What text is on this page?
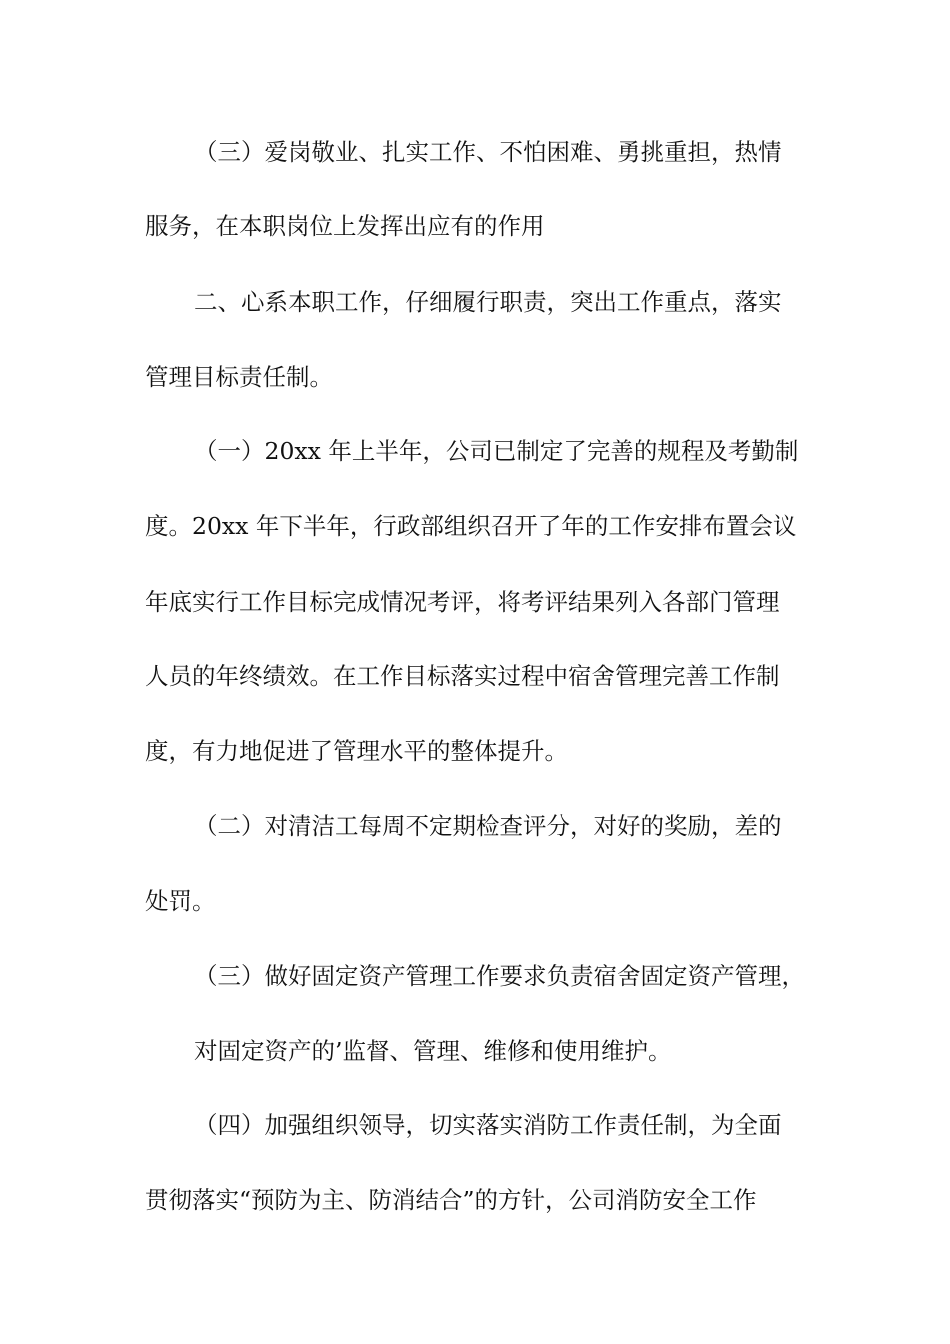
（三）爱岗敬业、扎实工作、不怕困难、勇挑重担，热情
服务，在本职岗位上发挥出应有的作用
二、心系本职工作，仔细履行职责，突出工作重点，落实
管理目标责任制。
（一）20xx 年上半年，公司已制定了完善的规程及考勤制
度。20xx 年下半年，行政部组织召开了年的工作安排布置会议
年底实行工作目标完成情况考评，将考评结果列入各部门管理
人员的年终绩效。在工作目标落实过程中宿舍管理完善工作制
度，有力地促进了管理水平的整体提升。
（二）对清洁工每周不定期检查评分，对好的奖励，差的
处罚。
（三）做好固定资产管理工作要求负责宿舍固定资产管理，
对固定资产的’监督、管理、维修和使用维护。
（四）加强组织领导，切实落实消防工作责任制，为全面
贯彻落实“预防为主、防消结合”的方针，公司消防安全工作
